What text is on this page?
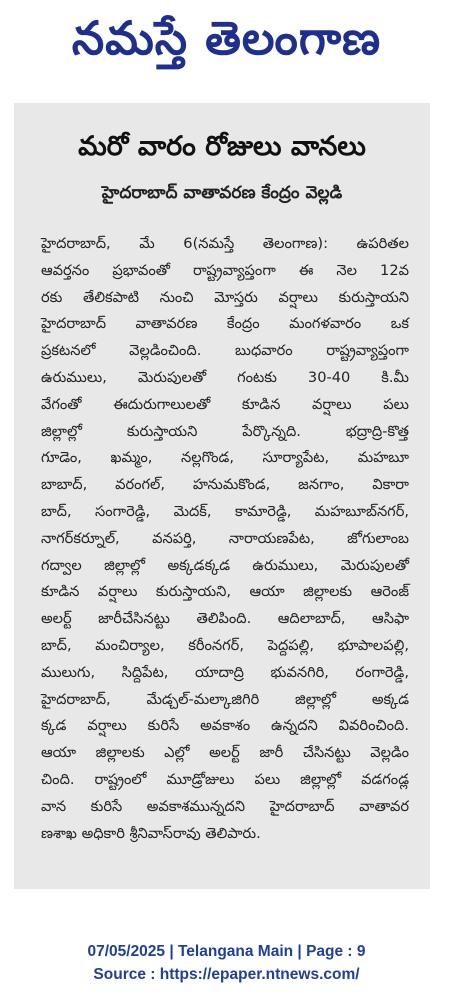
నమస్తే తెలంగాణ
మరో వారం రోజులు వానలు
హైదరాబాద్‌ వాతావరణ కేంద్రం వెల్లడి
హైదరాబాద్‌, మే 6(నమస్తే తెలంగాణ): ఉపరితల
ఆవర్తనం ప్రభావంతో రాష్ట్రవ్యాప్తంగా ఈ నెల 12వ
రకు తేలికపాటి నుంచి మోస్తరు వర్షాలు కురుస్తాయని
హైదరాబాద్‌ వాతావరణ కేంద్రం మంగళవారం ఒక
ప్రకటనలో వెల్లడించింది. బుధవారం రాష్ట్రవ్యాప్తంగా
ఉరుములు, మెరుపులతో గంటకు 30-40 కి.మీ
వేగంతో ఈదురుగాలులతో కూడిన వర్షాలు పలు
జిల్లాల్లో కురుస్తాయని పేర్కొన్నది. భద్రాద్రి-కొత్త
గూడెం, ఖమ్మం, నల్లగొండ, సూర్యాపేట, మహబూ
బాబాద్‌, వరంగల్‌, హనుమకొండ, జనగాం, వికారా
బాద్‌, సంగారెడ్డి, మెదక్‌, కామారెడ్డి, మహబూబ్‌నగర్‌,
నాగర్‌కర్నూల్‌, వనపర్తి, నారాయణపేట, జోగులాంబ
గద్వాల జిల్లాల్లో అక్కడక్కడ ఉరుములు, మెరుపులతో
కూడిన వర్షాలు కురుస్తాయని, ఆయా జిల్లాలకు ఆరెంజ్‌
అలర్ట్‌ జారీచేసినట్టు తెలిపింది. ఆదిలాబాద్‌, ఆసిఫా
బాద్‌, మంచిర్యాల, కరీంనగర్‌, పెద్దపల్లి, భూపాలపల్లి,
ములుగు, సిద్దిపేట, యాదాద్రి భువనగిరి, రంగారెడ్డి,
హైదరాబాద్‌, మేడ్చల్‌-మల్కాజిగిరి జిల్లాల్లో అక్కడ
క్కడ వర్షాలు కురిసే అవకాశం ఉన్నదని వివరించింది.
ఆయా జిల్లాలకు ఎల్లో అలర్ట్‌ జారీ చేసినట్టు వెల్లడిం
చింది. రాష్ట్రంలో మూడ్రోజులు పలు జిల్లాల్లో వడగండ్ల
వాన కురిసే అవకాశమున్నదని హైదరాబాద్‌ వాతావర
ణశాఖ అధికారి శ్రీనివాస్‌రావు తెలిపారు.
07/05/2025 | Telangana Main | Page : 9
Source : https://epaper.ntnews.com/
